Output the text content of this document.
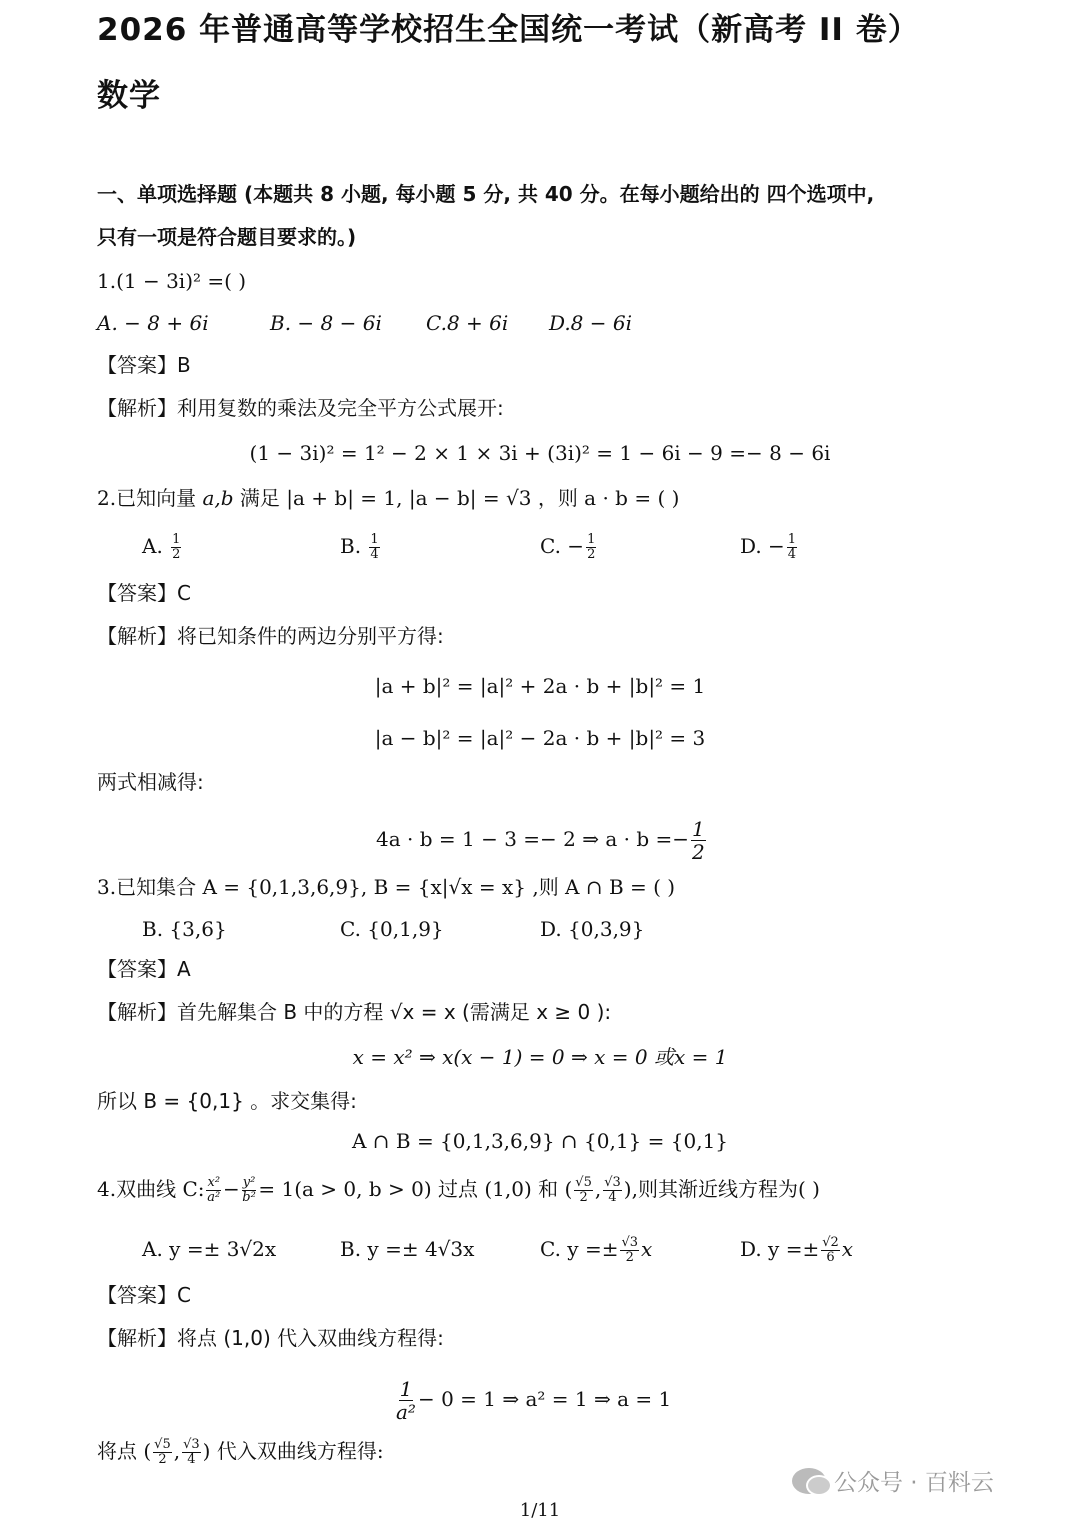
2026 年普通高等学校招生全国统一考试（新高考 II 卷）
数学
一、单项选择题 (本题共 8 小题, 每小题 5 分, 共 40 分。在每小题给出的 四个选项中,
只有一项是符合题目要求的。)
1.(1 − 3i)² =( )
A. − 8 + 6i	B. − 8 − 6i C.8 + 6i D.8 − 6i
【答案】B
【解析】利用复数的乘法及完全平方公式展开:
(1 − 3i)² = 1² − 2 × 1 × 3i + (3i)² = 1 − 6i − 9 =− 8 − 6i
2.已知向量 a,b 满足 |a + b| = 1, |a − b| = √3 ，则 a · b = ( )
A. $\frac{1}{2}$	B. $\frac{1}{4}$	C. − $\frac{1}{2}$	D. − $\frac{1}{4}$
【答案】C
【解析】将已知条件的两边分别平方得:
|a + b|² = |a|² + 2a · b + |b|² = 1
|a − b|² = |a|² − 2a · b + |b|² = 3
两式相减得:
4a · b = 1 − 3 =− 2 ⇒ $a \cdot b =- \frac{1}{2}$
3.已知集合 A = {0,1,3,6,9}, B = {x|√x = x} ,则 A ∩ B = ( )
B. {3,6}	C. {0,1,9}	D. {0,3,9}
【答案】A
【解析】首先解集合 B 中的方程 √x = x (需满足 x ≥ 0 ):
x = x² ⇒ x(x − 1) = 0 ⇒ x = 0 或x = 1
所以 B = {0,1} 。求交集得:
A ∩ B = {0,1,3,6,9} ∩ {0,1} = {0,1}
4.双曲线 C: $\frac{\text{x²}}{\text{a²}} - \frac{\text{y²}}{\text{b²}} = 1(a > 0$, b > 0) 过点 (1,0) 和 ( $\frac{√5}{2}$ , $\frac{√3}{4}$ ),则其渐近线方程为( )
A. y =± 3√2x	B. y =± 4√3x	C. $y =\pm \frac{√3}{2}$ x	D. $y =\pm \frac{√2}{6}$ x
【答案】C
【解析】将点 (1,0) 代入双曲线方程得:
$\frac{1}{\text{a²}} - 0 = 1$ ⇒ a² = 1 ⇒ a = 1
将点 ( $\frac{√5}{2}$ , $\frac{√3}{4}$ ) 代入双曲线方程得:
公众号 · 百料云
1/11
